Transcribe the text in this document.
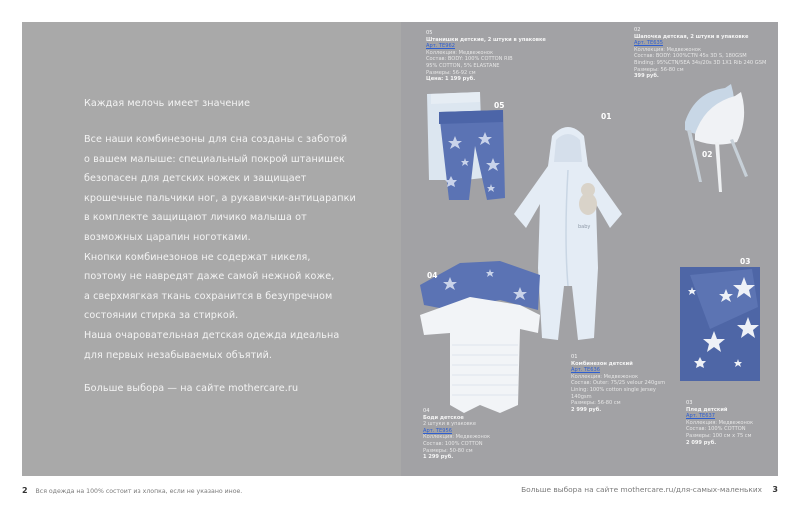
Каждая мелочь имеет значение
Все наши комбинезоны для сна созданы с заботой
о вашем малыше: специальный покрой штанишек
безопасен для детских ножек и защищает
крошечные пальчики ног, а рукавички-антицарапки
в комплекте защищают личико малыша от
возможных царапин ноготками.
Кнопки комбинезонов не содержат никеля,
поэтому не навредят даже самой нежной коже,
а сверхмягкая ткань сохранится в безупречном
состоянии стирка за стиркой.
Наша очаровательная детская одежда идеальна
для первых незабываемых объятий.
Больше выбора — на сайте mothercare.ru
2 Вся одежда на 100% состоит из хлопка, если не указано иное.
05
02
baby
01
04
03
05
Штанишки детские, 2 штуки в упаковке
Арт. ТЕ962
Коллекция: Медвежонок
Состав: BODY: 100% COTTON RIB
95% COTTON, 5% ELASTANE
Размеры: 56-92 см
Цена: 1 199 руб.
02
Шапочка детская, 2 штуки в упаковке
Арт. ТЕ635
Коллекция: Медвежонок
Состав: BODY: 100%CTN 45s 3D S, 180GSM
Binding: 95%CTN/5EA 34s/20s 3D 1X1 Rib 240 GSM
Размеры: 56-80 см
399 руб.
01
Комбинезон детский
Арт. ТЕ636
Коллекция: Медвежонок
Состав: Outer: 75/25 velour 240gsm
Lining: 100% cotton single jersey
140gsm
Размеры: 56-80 см
2 999 руб.
04
Боди детское
2 штуки в упаковке
Арт. ТЕ956
Коллекция: Медвежонок
Состав: 100% COTTON
Размеры: 50-80 см
1 299 руб.
03
Плед детский
Арт. ТЕ637
Коллекция: Медвежонок
Состав: 100% COTTON
Размеры: 100 см x 75 см
2 099 руб.
Больше выбора на сайте mothercare.ru/для-самых-маленьких 3
